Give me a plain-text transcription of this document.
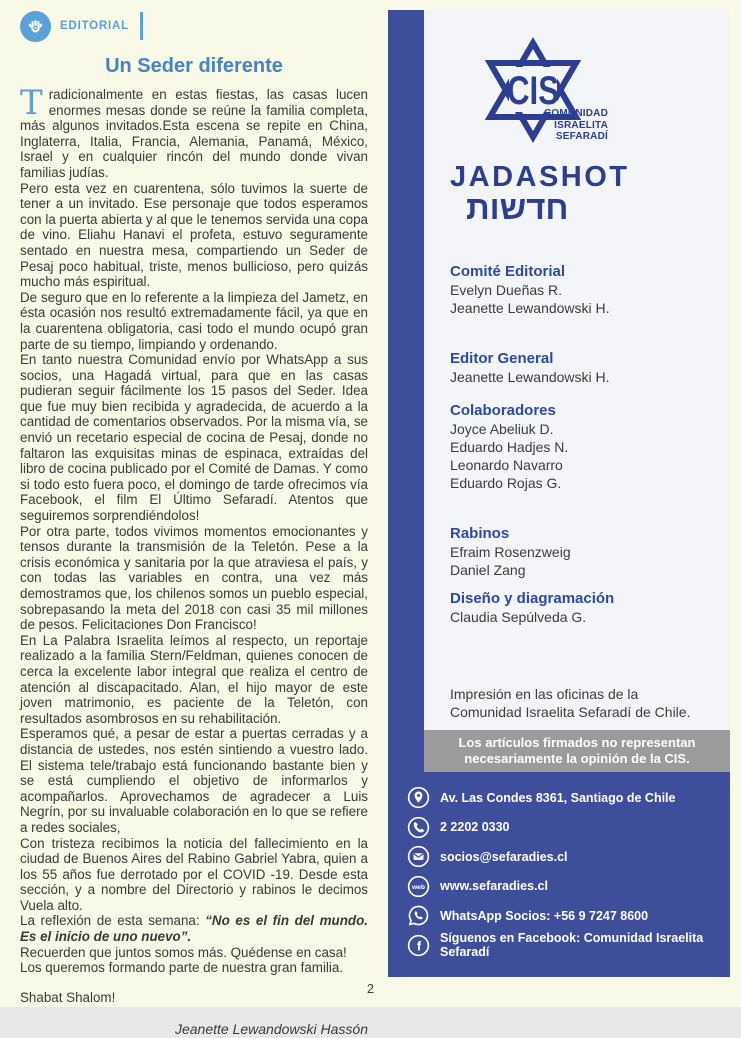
EDITORIAL
Un Seder diferente

Tradicionalmente en estas fiestas, las casas lucen enormes mesas donde se reúne la familia completa, más algunos invitados.Esta escena se repite en China, Inglaterra, Italia, Francia, Alemania, Panamá, México, Israel y en cualquier rincón del mundo donde vivan familias judías.

Pero esta vez en cuarentena, sólo tuvimos la suerte de tener a un invitado. Ese personaje que todos esperamos con la puerta abierta y al que le tenemos servida una copa de vino. Eliahu Hanavi el profeta, estuvo seguramente sentado en nuestra mesa, compartiendo un Seder de Pesaj poco habitual, triste, menos bullicioso, pero quizás mucho más espiritual.

De seguro que en lo referente a la limpieza del Jametz, en ésta ocasión nos resultó extremadamente fácil, ya que en la cuarentena obligatoria, casi todo el mundo ocupó gran parte de su tiempo, limpiando y ordenando.

En tanto nuestra Comunidad envío por WhatsApp a sus socios, una Hagadá virtual, para que en las casas pudieran seguir fácilmente los 15 pasos del Seder. Idea que fue muy bien recibida y agradecida, de acuerdo a la cantidad de comentarios observados. Por la misma vía, se envió un recetario especial de cocina de Pesaj, donde no faltaron las exquisitas minas de espinaca, extraídas del libro de cocina publicado por el Comité de Damas. Y como si todo esto fuera poco, el domingo de tarde ofrecimos vía Facebook, el film El Último Sefaradí. Atentos que seguiremos sorprendiéndolos!

Por otra parte, todos vivimos momentos emocionantes y tensos durante la transmisión de la Teletón. Pese a la crisis económica y sanitaria por la que atraviesa el país, y con todas las variables en contra, una vez más demostramos que, los chilenos somos un pueblo especial, sobrepasando la meta del 2018 con casi 35 mil millones de pesos. Felicitaciones Don Francisco!

En La Palabra Israelita leímos al respecto, un reportaje realizado a la familia Stern/Feldman, quienes conocen de cerca la excelente labor integral que realiza el centro de atención al discapacitado. Alan, el hijo mayor de este joven matrimonio, es paciente de la Teletón, con resultados asombrosos en su rehabilitación.

Esperamos qué, a pesar de estar a puertas cerradas y a distancia de ustedes, nos estén sintiendo a vuestro lado. El sistema tele/trabajo está funcionando bastante bien y se está cumpliendo el objetivo de informarlos y acompañarlos. Aprovechamos de agradecer a Luis Negrín, por su invaluable colaboración en lo que se refiere a redes sociales,

Con tristeza recibimos la noticia del fallecimiento en la ciudad de Buenos Aires del Rabino Gabriel Yabra, quien a los 55 años fue derrotado por el COVID -19. Desde esta sección, y a nombre del Directorio y rabinos le decimos Vuela alto.

La reflexión de esta semana: “No es el fin del mundo. Es el inicio de uno nuevo”.

Recuerden que juntos somos más. Quédense en casa!

Los queremos formando parte de nuestra gran familia.

Shabat Shalom!

Jeanette Lewandowski Hassón

CIS
COMUNIDAD
ISRAELITA
SEFARADÍ
JADASHOT
חדשות
Comité Editorial
Evelyn Dueñas R.
Jeanette Lewandowski H.
Editor General
Jeanette Lewandowski H.
Colaboradores
Joyce Abeliuk D.
Eduardo Hadjes N.
Leonardo Navarro
Eduardo Rojas G.
Rabinos
Efraim Rosenzweig
Daniel Zang
Diseño y diagramación
Claudia Sepúlveda G.
Impresión en las oficinas de la Comunidad Israelita Sefaradí de Chile.
Los artículos firmados no representan necesariamente la opinión de la CIS.
Av. Las Condes 8361, Santiago de Chile
2 2202 0330
socios@sefaradies.cl
web www.sefaradies.cl
WhatsApp Socios: +56 9 7247 8600
f Síguenos en Facebook: Comunidad Israelita Sefaradí
2
